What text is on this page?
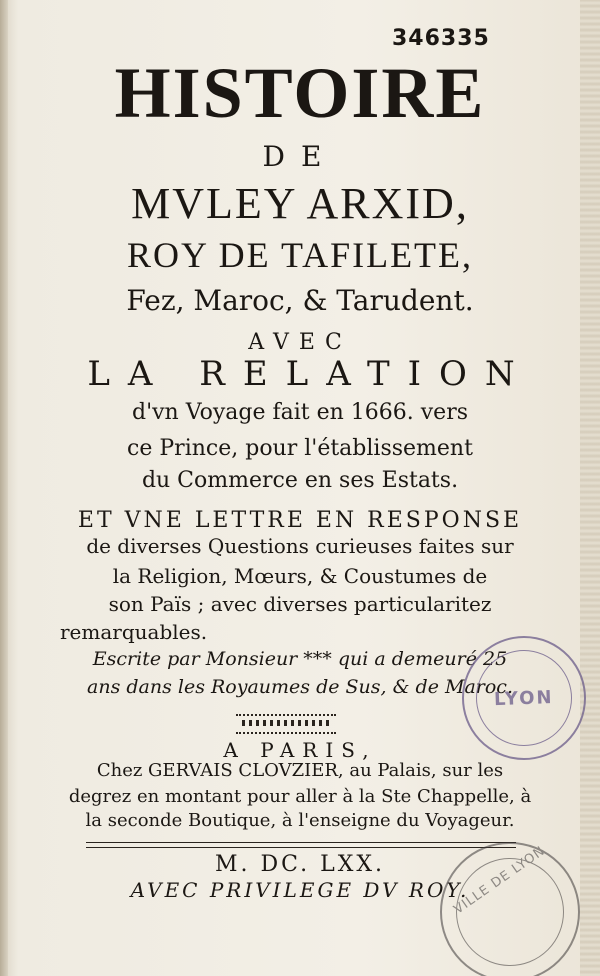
346335
HISTOIRE
DE
MVLEY ARXID,
ROY DE TAFILETE,
Fez, Maroc, & Tarudent.
AVEC
LA RELATION
d'vn Voyage fait en 1666. vers
ce Prince, pour l'établissement
du Commerce en ses Estats.
ET VNE LETTRE EN RESPONSE
de diverses Questions curieuses faites sur
la Religion, Mœurs, & Coustumes de
son Païs ; avec diverses particularitez
remarquables.
Escrite par Monsieur *** qui a demeuré 25
ans dans les Royaumes de Sus, & de Maroc.
A PARIS,
Chez GERVAIS CLOVZIER, au Palais, sur les
degrez en montant pour aller à la Ste Chappelle, à
la seconde Boutique, à l'enseigne du Voyageur.
M. DC. LXX.
AVEC PRIVILEGE DV ROY.
LYON
VILLE DE LYON
